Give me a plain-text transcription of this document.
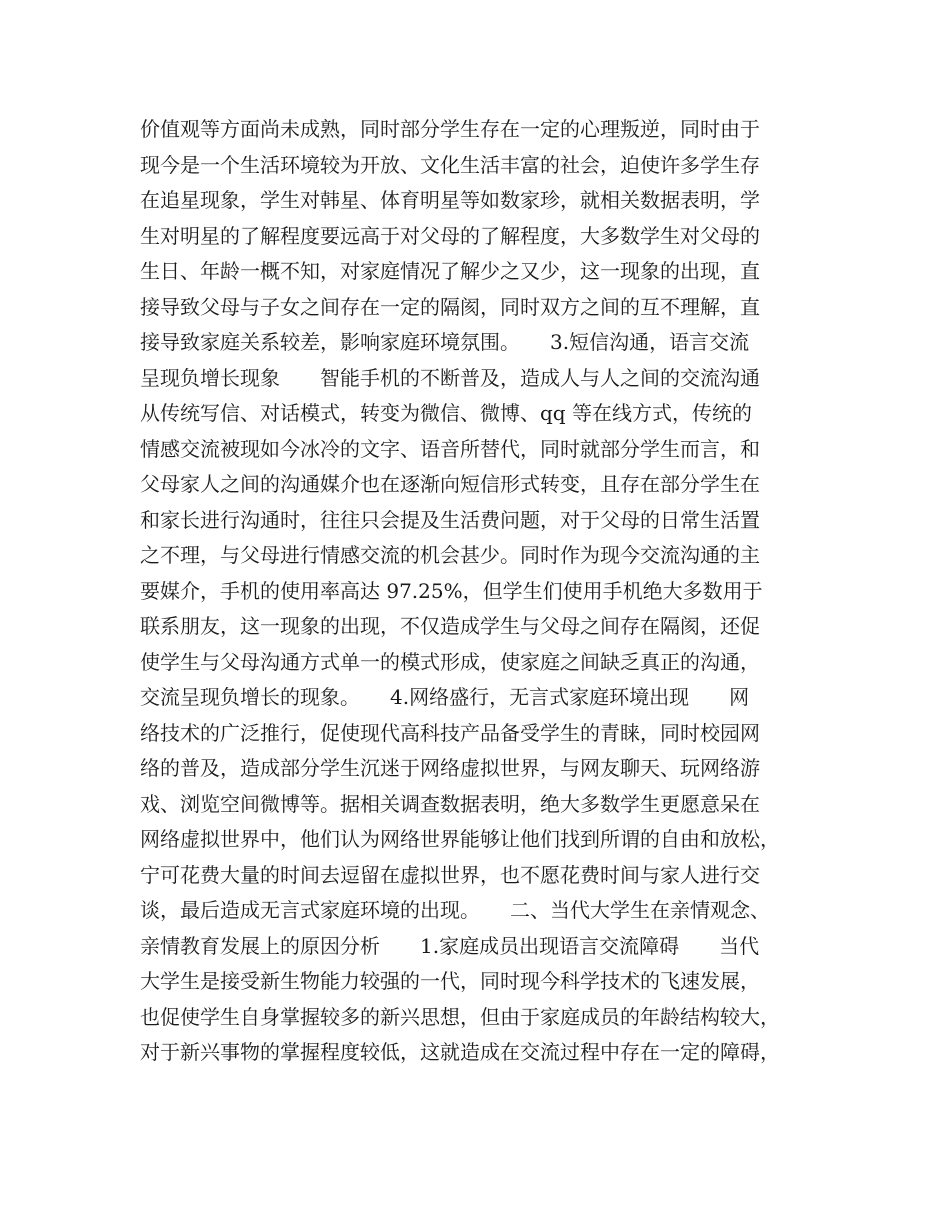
价值观等方面尚未成熟，同时部分学生存在一定的心理叛逆，同时由于
现今是一个生活环境较为开放、文化生活丰富的社会，迫使许多学生存
在追星现象，学生对韩星、体育明星等如数家珍，就相关数据表明，学
生对明星的了解程度要远高于对父母的了解程度，大多数学生对父母的
生日、年龄一概不知，对家庭情况了解少之又少，这一现象的出现，直
接导致父母与子女之间存在一定的隔阂，同时双方之间的互不理解，直
接导致家庭关系较差，影响家庭环境氛围。　　3.短信沟通，语言交流
呈现负增长现象　　智能手机的不断普及，造成人与人之间的交流沟通
从传统写信、对话模式，转变为微信、微博、qq 等在线方式，传统的
情感交流被现如今冰冷的文字、语音所替代，同时就部分学生而言，和
父母家人之间的沟通媒介也在逐渐向短信形式转变，且存在部分学生在
和家长进行沟通时，往往只会提及生活费问题，对于父母的日常生活置
之不理，与父母进行情感交流的机会甚少。同时作为现今交流沟通的主
要媒介，手机的使用率高达 97.25%，但学生们使用手机绝大多数用于
联系朋友，这一现象的出现，不仅造成学生与父母之间存在隔阂，还促
使学生与父母沟通方式单一的模式形成，使家庭之间缺乏真正的沟通，
交流呈现负增长的现象。　　4.网络盛行，无言式家庭环境出现　　网
络技术的广泛推行，促使现代高科技产品备受学生的青睐，同时校园网
络的普及，造成部分学生沉迷于网络虚拟世界，与网友聊天、玩网络游
戏、浏览空间微博等。据相关调查数据表明，绝大多数学生更愿意呆在
网络虚拟世界中，他们认为网络世界能够让他们找到所谓的自由和放松，
宁可花费大量的时间去逗留在虚拟世界，也不愿花费时间与家人进行交
谈，最后造成无言式家庭环境的出现。　　二、当代大学生在亲情观念、
亲情教育发展上的原因分析　　1.家庭成员出现语言交流障碍　　当代
大学生是接受新生物能力较强的一代，同时现今科学技术的飞速发展，
也促使学生自身掌握较多的新兴思想，但由于家庭成员的年龄结构较大，
对于新兴事物的掌握程度较低，这就造成在交流过程中存在一定的障碍，
